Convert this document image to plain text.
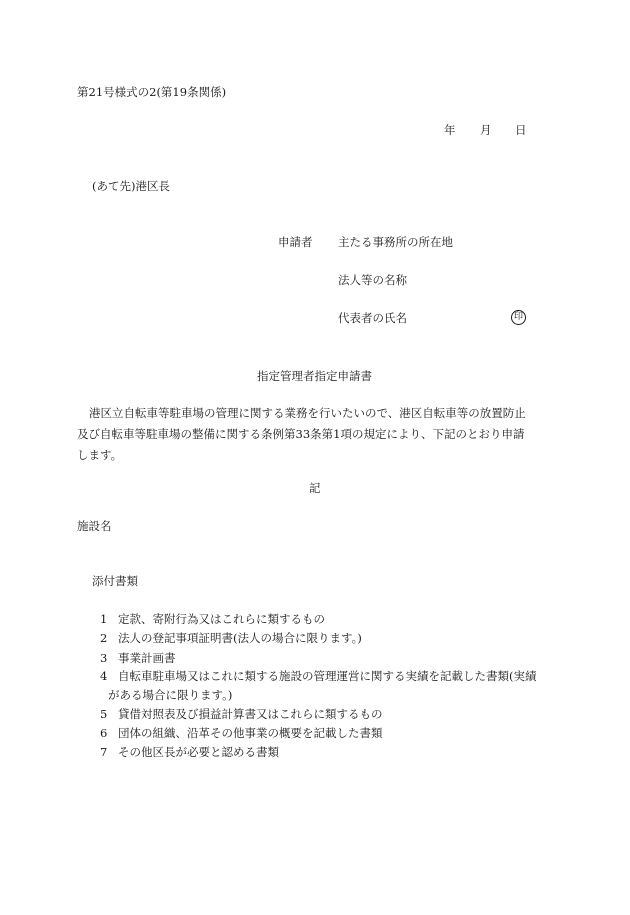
第21号様式の2(第19条関係)
年 月 日
(あて先)港区長
申請者 主たる事務所の所在地
法人等の名称
代表者の氏名	印
指定管理者指定申請書
港区立自転車等駐車場の管理に関する業務を行いたいので、港区自転車等の放置防止及び自転車等駐車場の整備に関する条例第33条第1項の規定により、下記のとおり申請します。
記
施設名
添付書類
1 定款、寄附行為又はこれらに類するもの
2 法人の登記事項証明書(法人の場合に限ります。)
3 事業計画書
4 自転車駐車場又はこれに類する施設の管理運営に関する実績を記載した書類(実績
がある場合に限ります。)
5 貸借対照表及び損益計算書又はこれらに類するもの
6 団体の組織、沿革その他事業の概要を記載した書類
7 その他区長が必要と認める書類
